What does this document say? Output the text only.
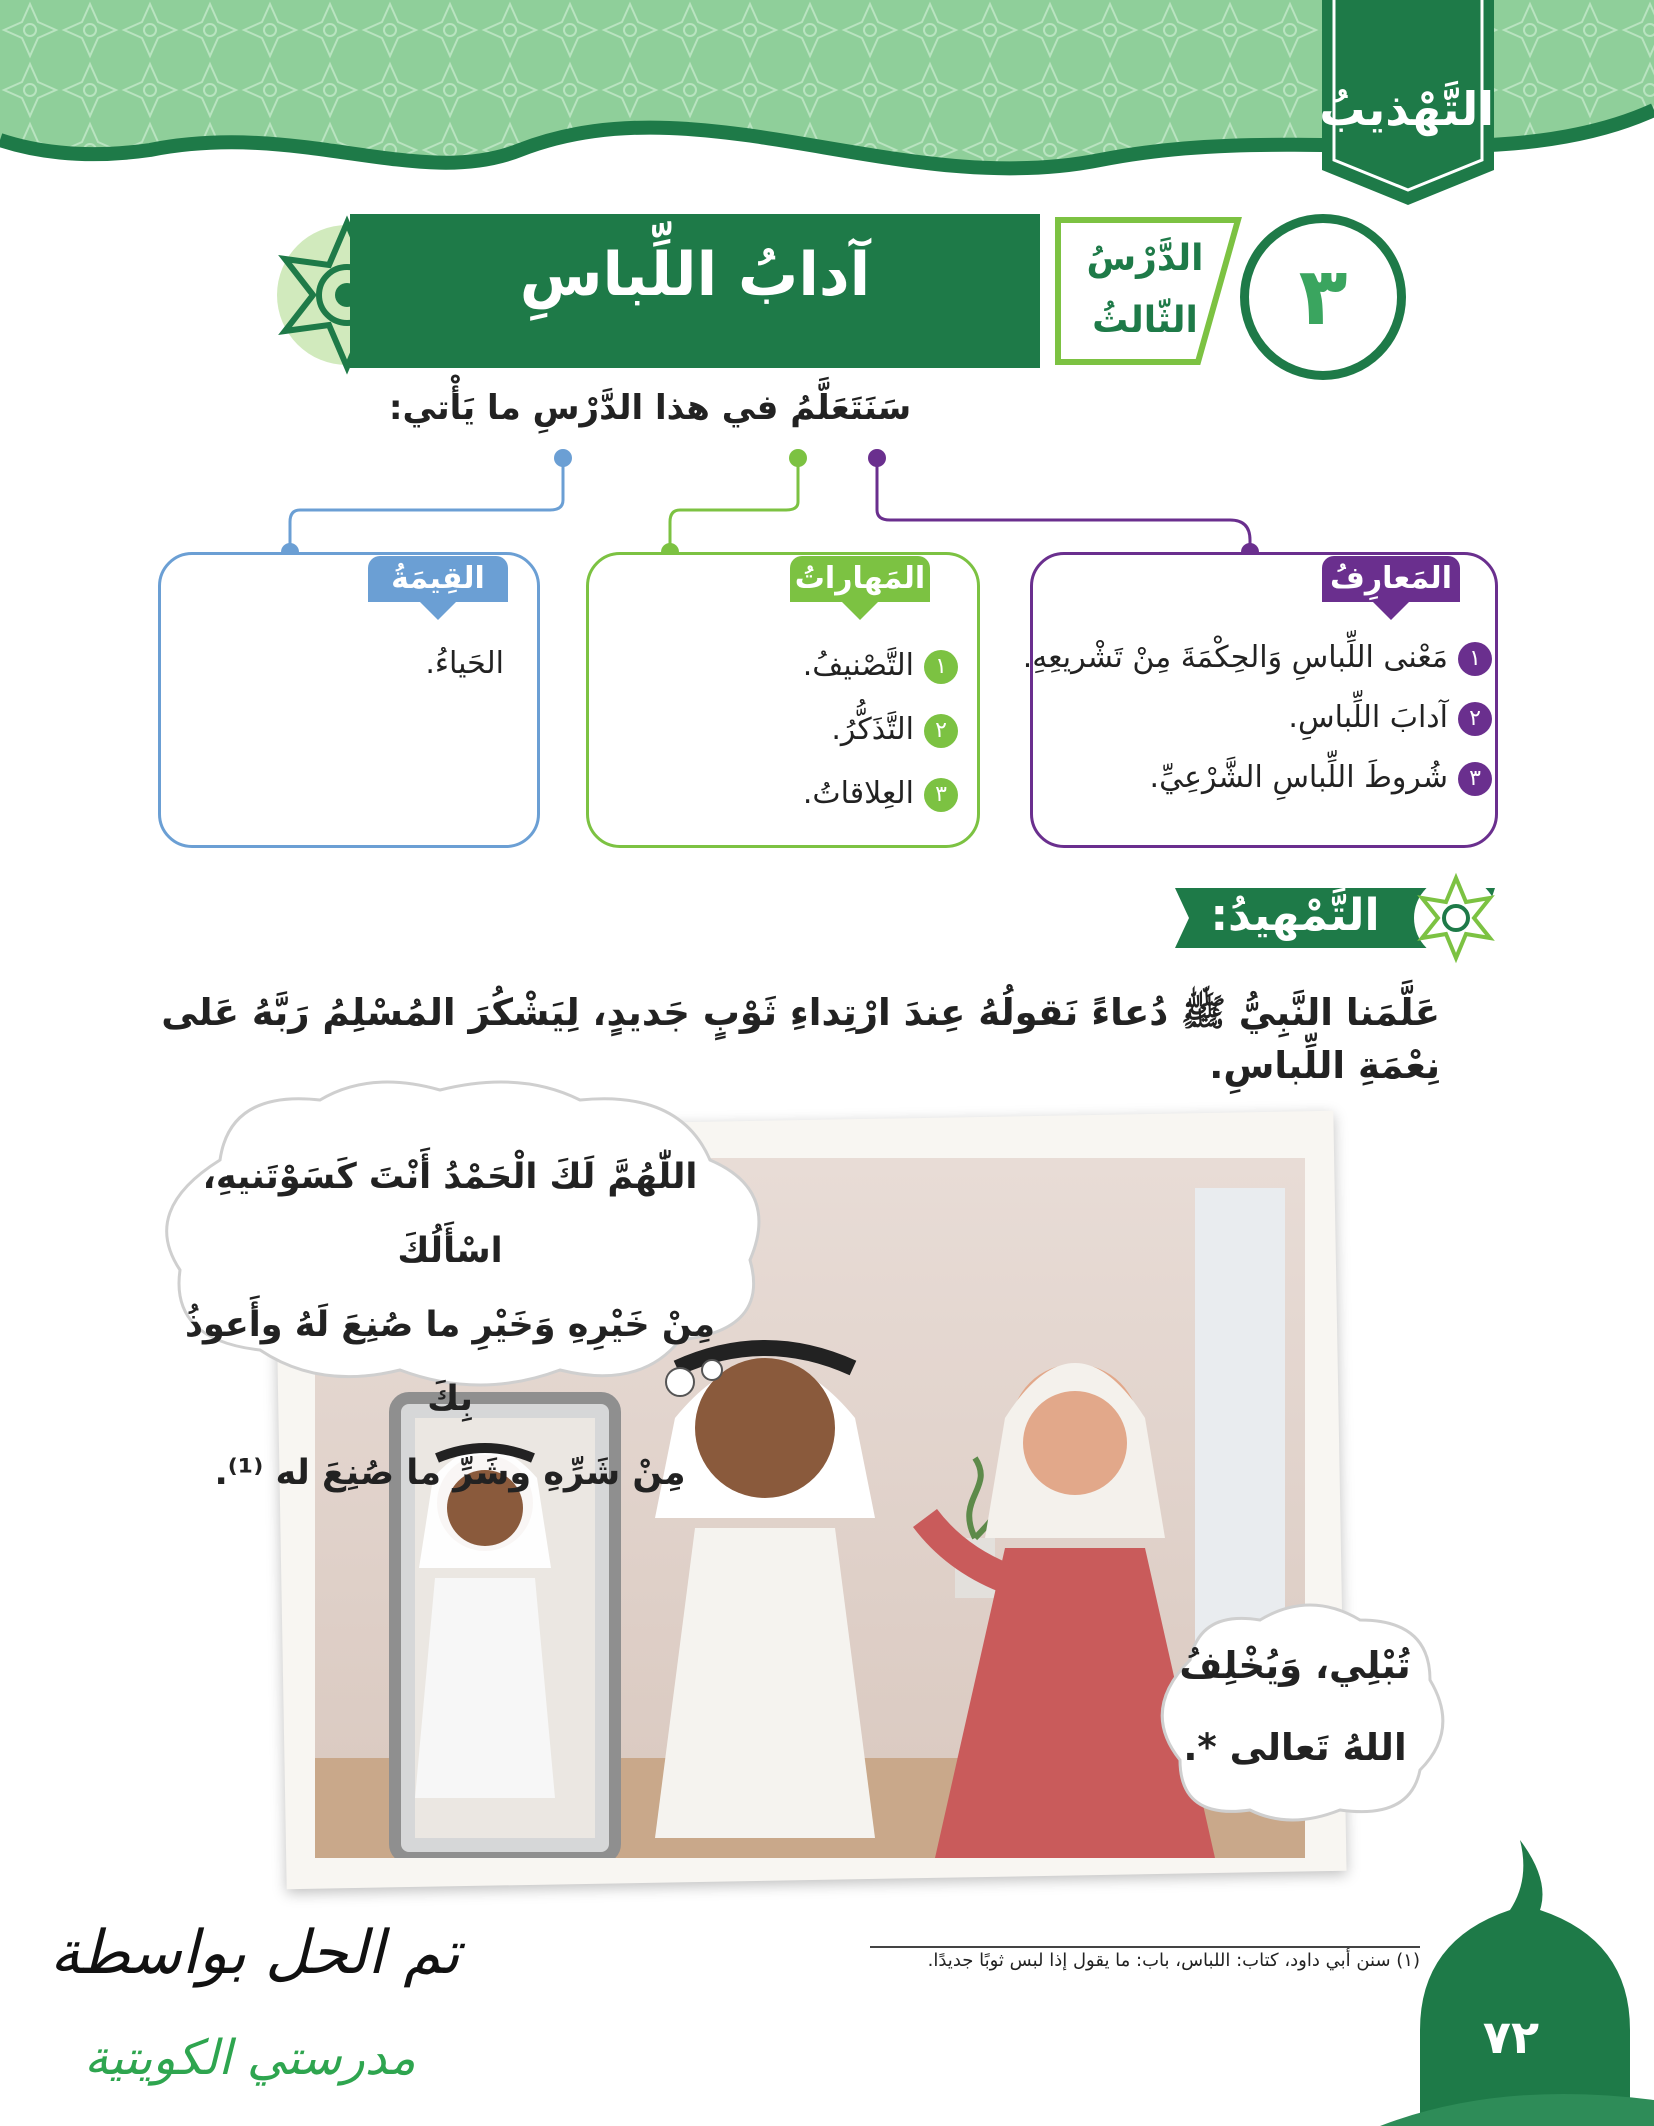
التَّهْذيبُ
آدابُ اللِّباسِ	الدَّرْسُ
الثّالثُ	٣
سَنَتَعَلَّمُ في هذا الدَّرْسِ ما يَأْتي:
المَعارِفُ
١مَعْنى اللِّباسِ وَالحِكْمَةَ مِنْ تَشْريعِهِ.
٢آدابَ اللِّباسِ.
٣شُروطَ اللِّباسِ الشَّرْعِيِّ.
المَهاراتُ
١التَّصْنيفُ.
٢التَّذَكُّرُ.
٣العِلاقاتُ.
القِيمَةُ
الحَياءُ.
التَّمْهيدُ:
عَلَّمَنا النَّبِيُّ ﷺ دُعاءً نَقولُهُ عِندَ ارْتِداءِ ثَوْبٍ جَديدٍ، لِيَشْكُرَ المُسْلِمُ رَبَّهُ عَلى نِعْمَةِ اللِّباسِ.
اللّٰهُمَّ لَكَ الْحَمْدُ أَنْتَ كَسَوْتَنيهِ، اسْأَلُكَ
مِنْ خَيْرِهِ وَخَيْرِ ما صُنِعَ لَهُ وأَعوذُ بِكَ
مِنْ شَرِّهِ وشَرِّ ما صُنِعَ له ⁽¹⁾.
تُبْلِي، وَيُخْلِفُ
اللهُ تَعالى *.
(١) سنن أبي داود، كتاب: اللباس، باب: ما يقول إذا لبس ثوبًا جديدًا.
٧٢
تم الحل بواسطة
مدرستي الكويتية
